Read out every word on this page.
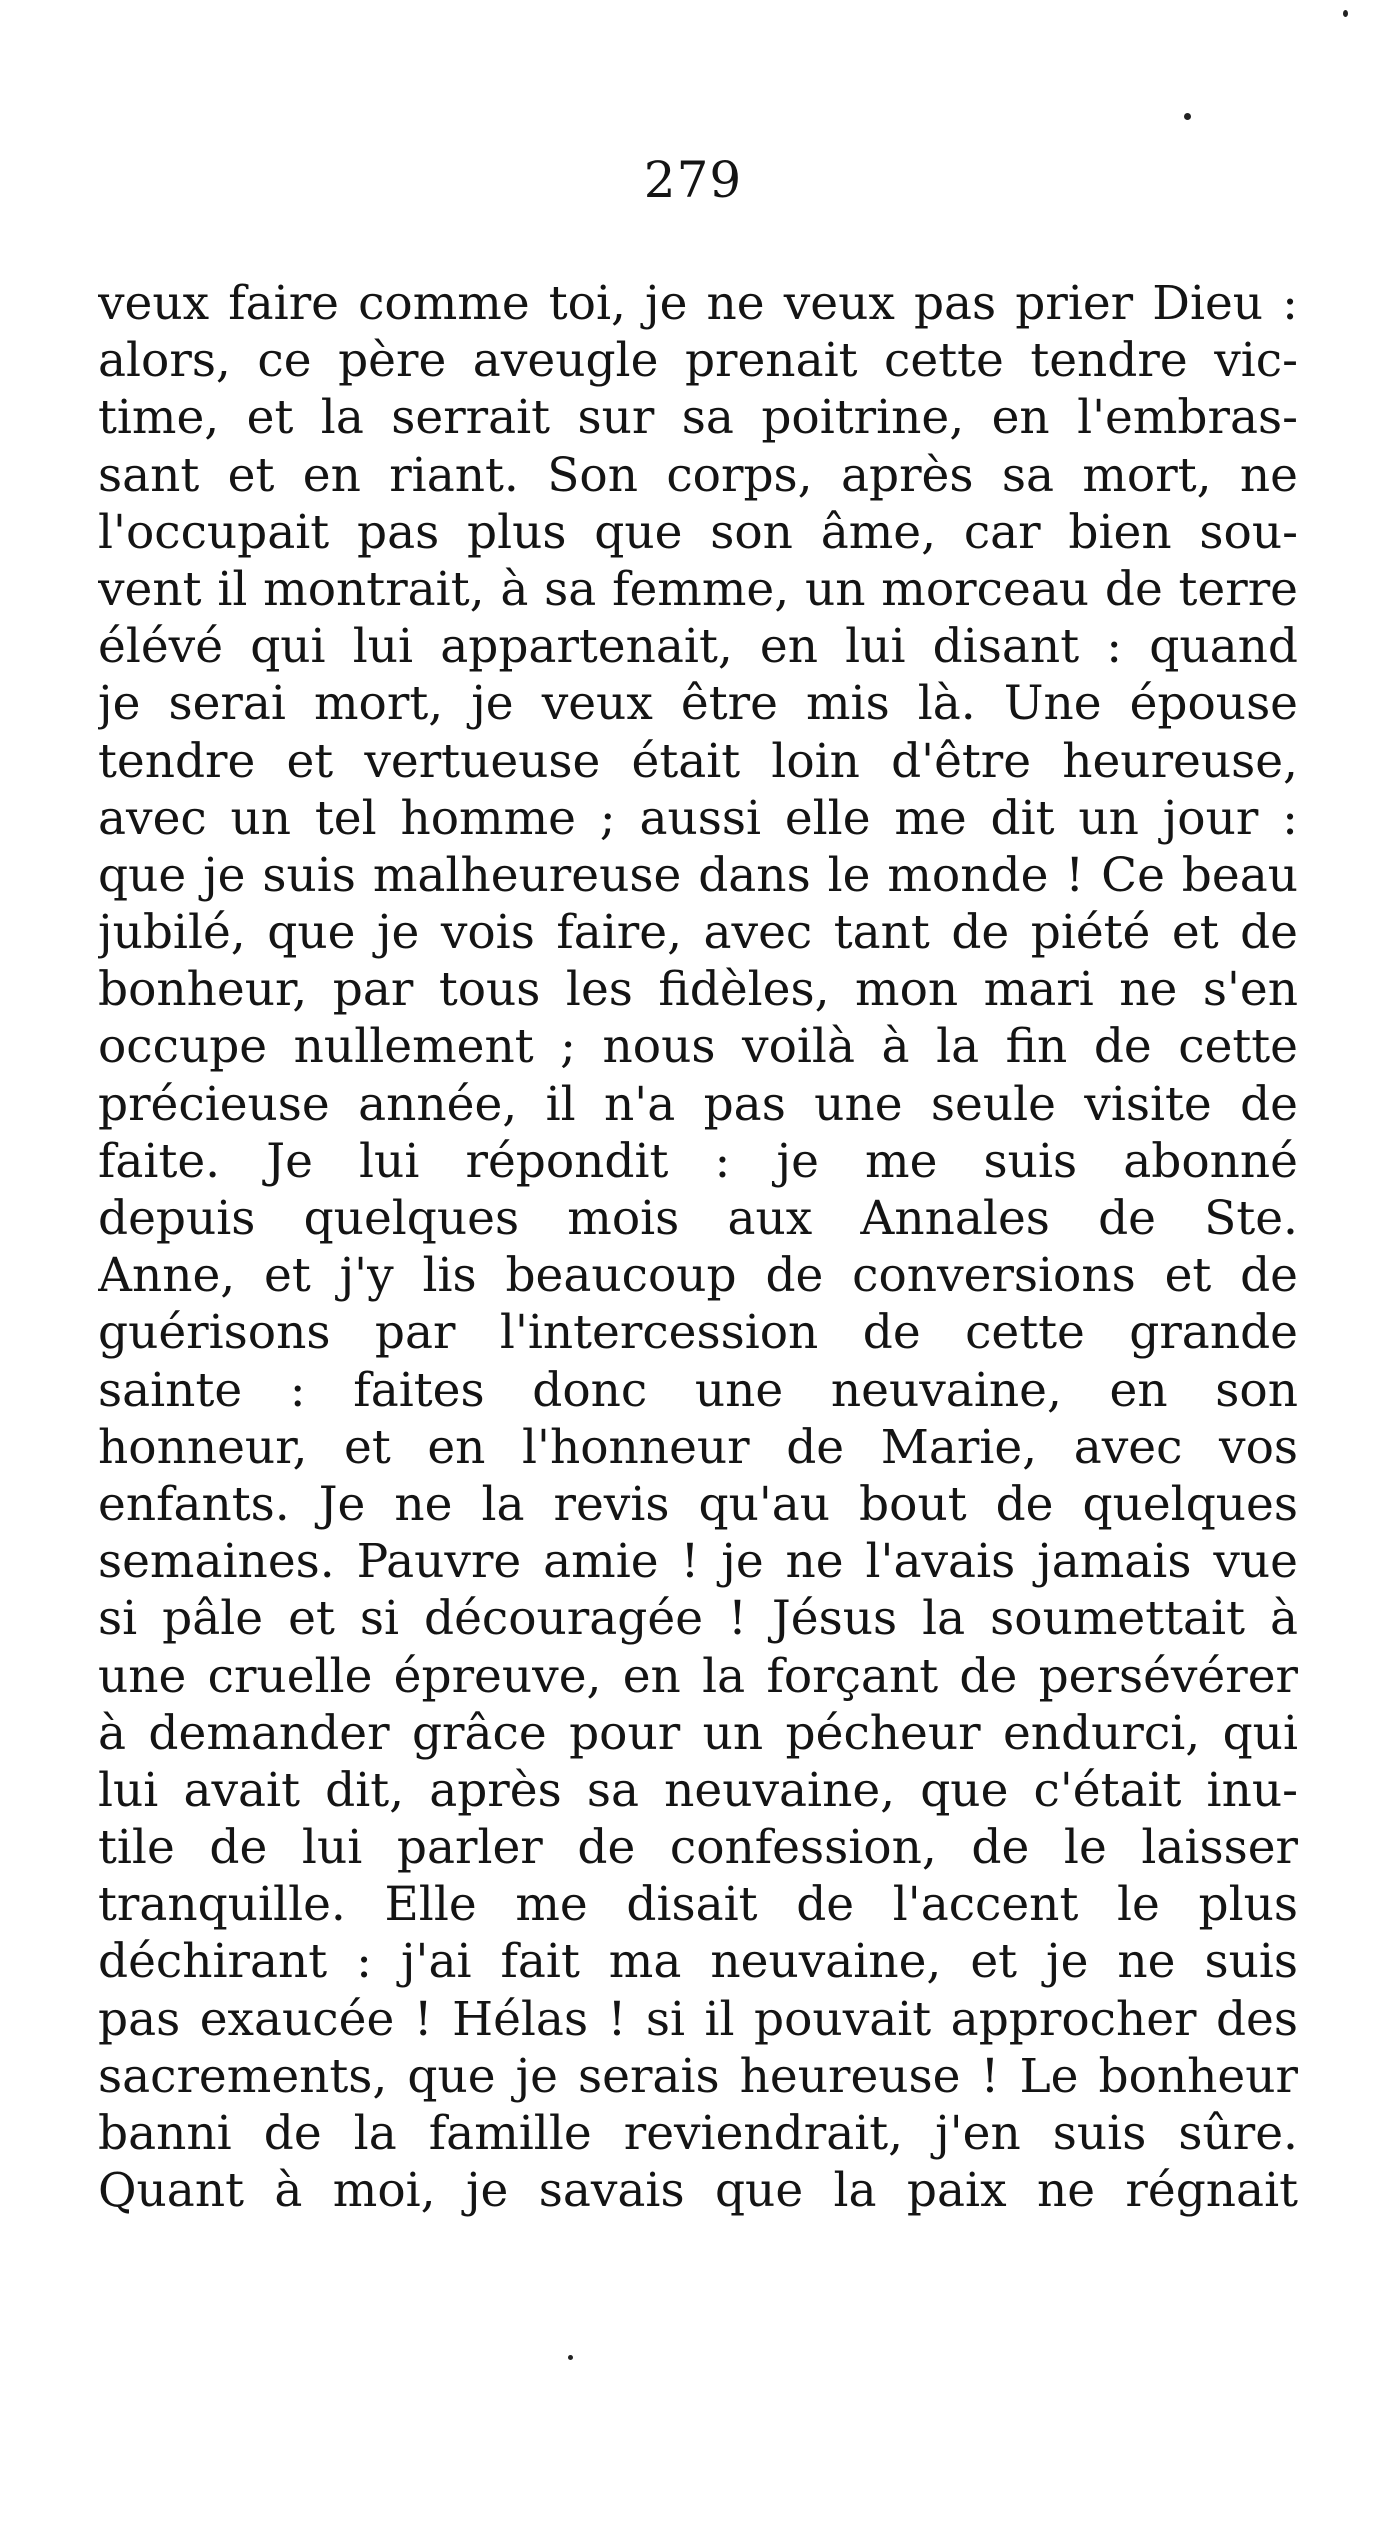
279
veux faire comme toi, je ne veux pas prier Dieu :
alors, ce père aveugle prenait cette tendre vic-
time, et la serrait sur sa poitrine, en l'embras-
sant et en riant. Son corps, après sa mort, ne
l'occupait pas plus que son âme, car bien sou-
vent il montrait, à sa femme, un morceau de terre
élévé qui lui appartenait, en lui disant : quand
je serai mort, je veux être mis là. Une épouse
tendre et vertueuse était loin d'être heureuse,
avec un tel homme ; aussi elle me dit un jour :
que je suis malheureuse dans le monde ! Ce beau
jubilé, que je vois faire, avec tant de piété et de
bonheur, par tous les fidèles, mon mari ne s'en
occupe nullement ; nous voilà à la fin de cette
précieuse année, il n'a pas une seule visite de
faite. Je lui répondit : je me suis abonné
depuis quelques mois aux Annales de Ste.
Anne, et j'y lis beaucoup de conversions et de
guérisons par l'intercession de cette grande
sainte : faites donc une neuvaine, en son
honneur, et en l'honneur de Marie, avec vos
enfants. Je ne la revis qu'au bout de quelques
semaines. Pauvre amie ! je ne l'avais jamais vue
si pâle et si découragée ! Jésus la soumettait à
une cruelle épreuve, en la forçant de persévérer
à demander grâce pour un pécheur endurci, qui
lui avait dit, après sa neuvaine, que c'était inu-
tile de lui parler de confession, de le laisser
tranquille. Elle me disait de l'accent le plus
déchirant : j'ai fait ma neuvaine, et je ne suis
pas exaucée ! Hélas ! si il pouvait approcher des
sacrements, que je serais heureuse ! Le bonheur
banni de la famille reviendrait, j'en suis sûre.
Quant à moi, je savais que la paix ne régnait
